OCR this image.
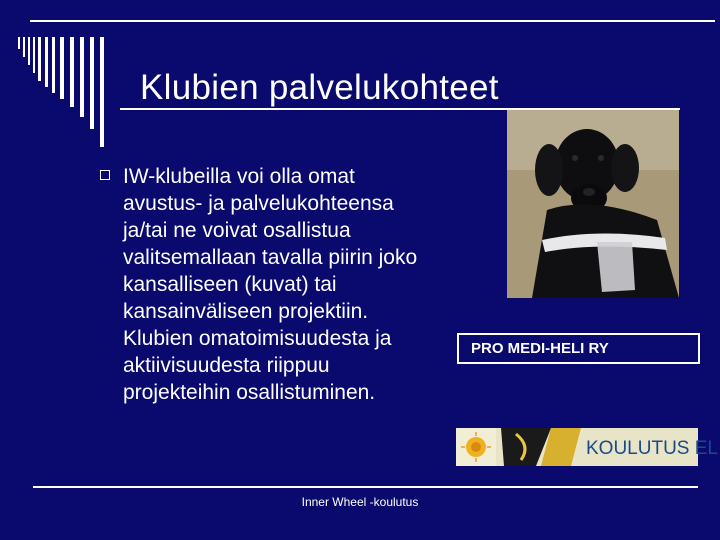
Klubien palvelukohteet
IW-klubeilla voi olla omat avustus- ja palvelukohteensa ja/tai ne voivat osallistua valitsemallaan tavalla piirin joko kansalliseen (kuvat) tai kansainväliseen projektiin. Klubien omatoimisuudesta ja aktiivisuudesta riippuu projekteihin osallistuminen.
PRO MEDI-HELI RY
KOULUTUS EL
Inner Wheel -koulutus
